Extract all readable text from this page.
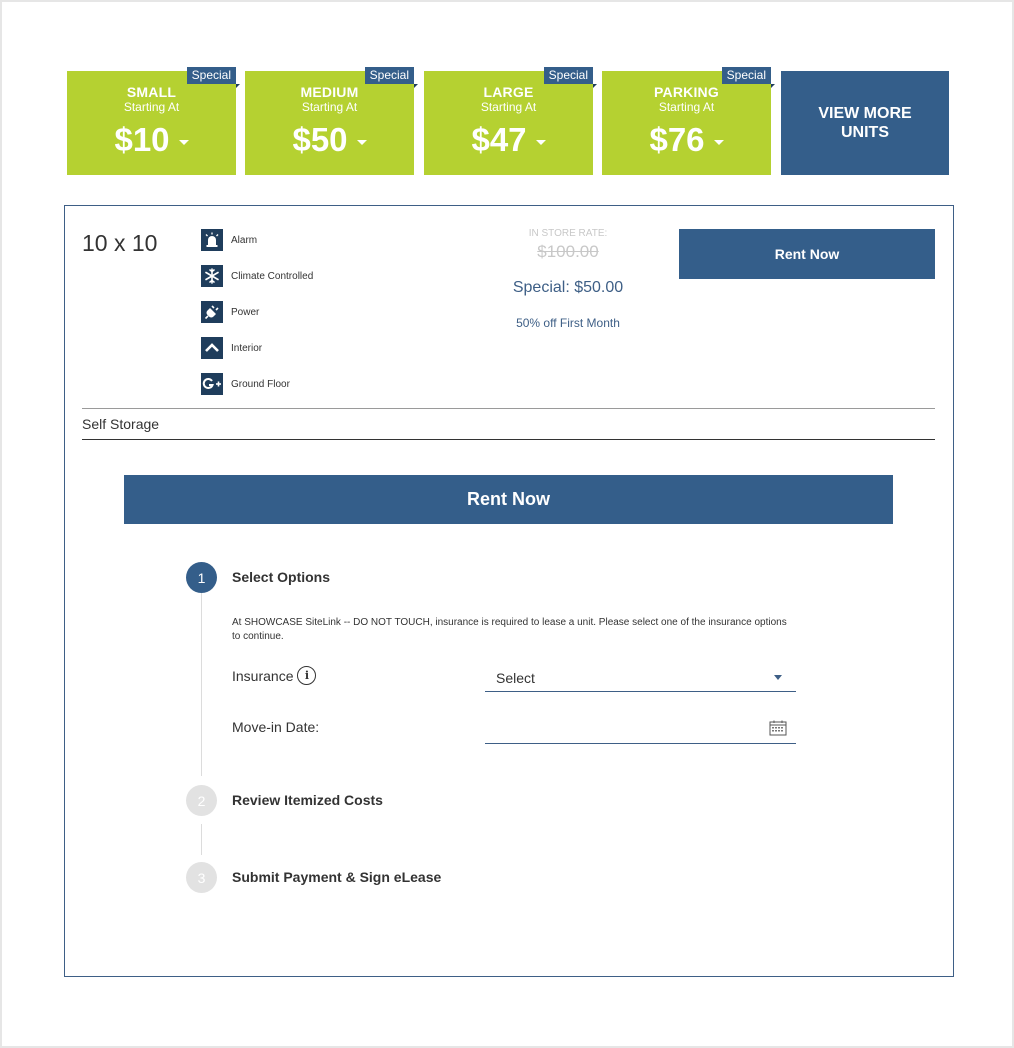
Special
SMALL
Starting At
$10
Special
MEDIUM
Starting At
$50
Special
LARGE
Starting At
$47
Special
PARKING
Starting At
$76
VIEW MORE UNITS
10 x 10	Alarm
Climate Controlled
Power
Interior
Ground Floor
IN STORE RATE:
$100.00
Special: $50.00
50% off First Month
Rent Now
Self Storage
Rent Now
1	Select Options
At SHOWCASE SiteLink -- DO NOT TOUCH, insurance is required to lease a unit. Please select one of the insurance options to continue.
Insurance	i	Select
Move-in Date:
2	Review Itemized Costs
3	Submit Payment & Sign eLease
